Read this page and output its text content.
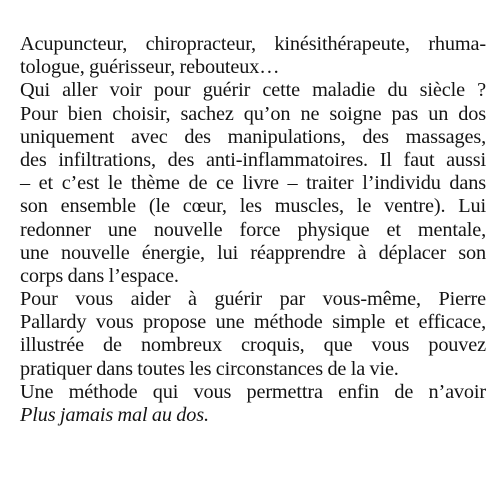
Acupuncteur, chiropracteur, kinésithérapeute, rhuma-
tologue, guérisseur, rebouteux…
Qui aller voir pour guérir cette maladie du siècle ?
Pour bien choisir, sachez qu’on ne soigne pas un dos
uniquement avec des manipulations, des massages,
des infiltrations, des anti-inflammatoires. Il faut aussi
– et c’est le thème de ce livre – traiter l’individu dans
son ensemble (le cœur, les muscles, le ventre). Lui
redonner une nouvelle force physique et mentale,
une nouvelle énergie, lui réapprendre à déplacer son
corps dans l’espace.
Pour vous aider à guérir par vous-même, Pierre
Pallardy vous propose une méthode simple et efficace,
illustrée de nombreux croquis, que vous pouvez
pratiquer dans toutes les circonstances de la vie.
Une méthode qui vous permettra enfin de n’avoir
Plus jamais mal au dos.
